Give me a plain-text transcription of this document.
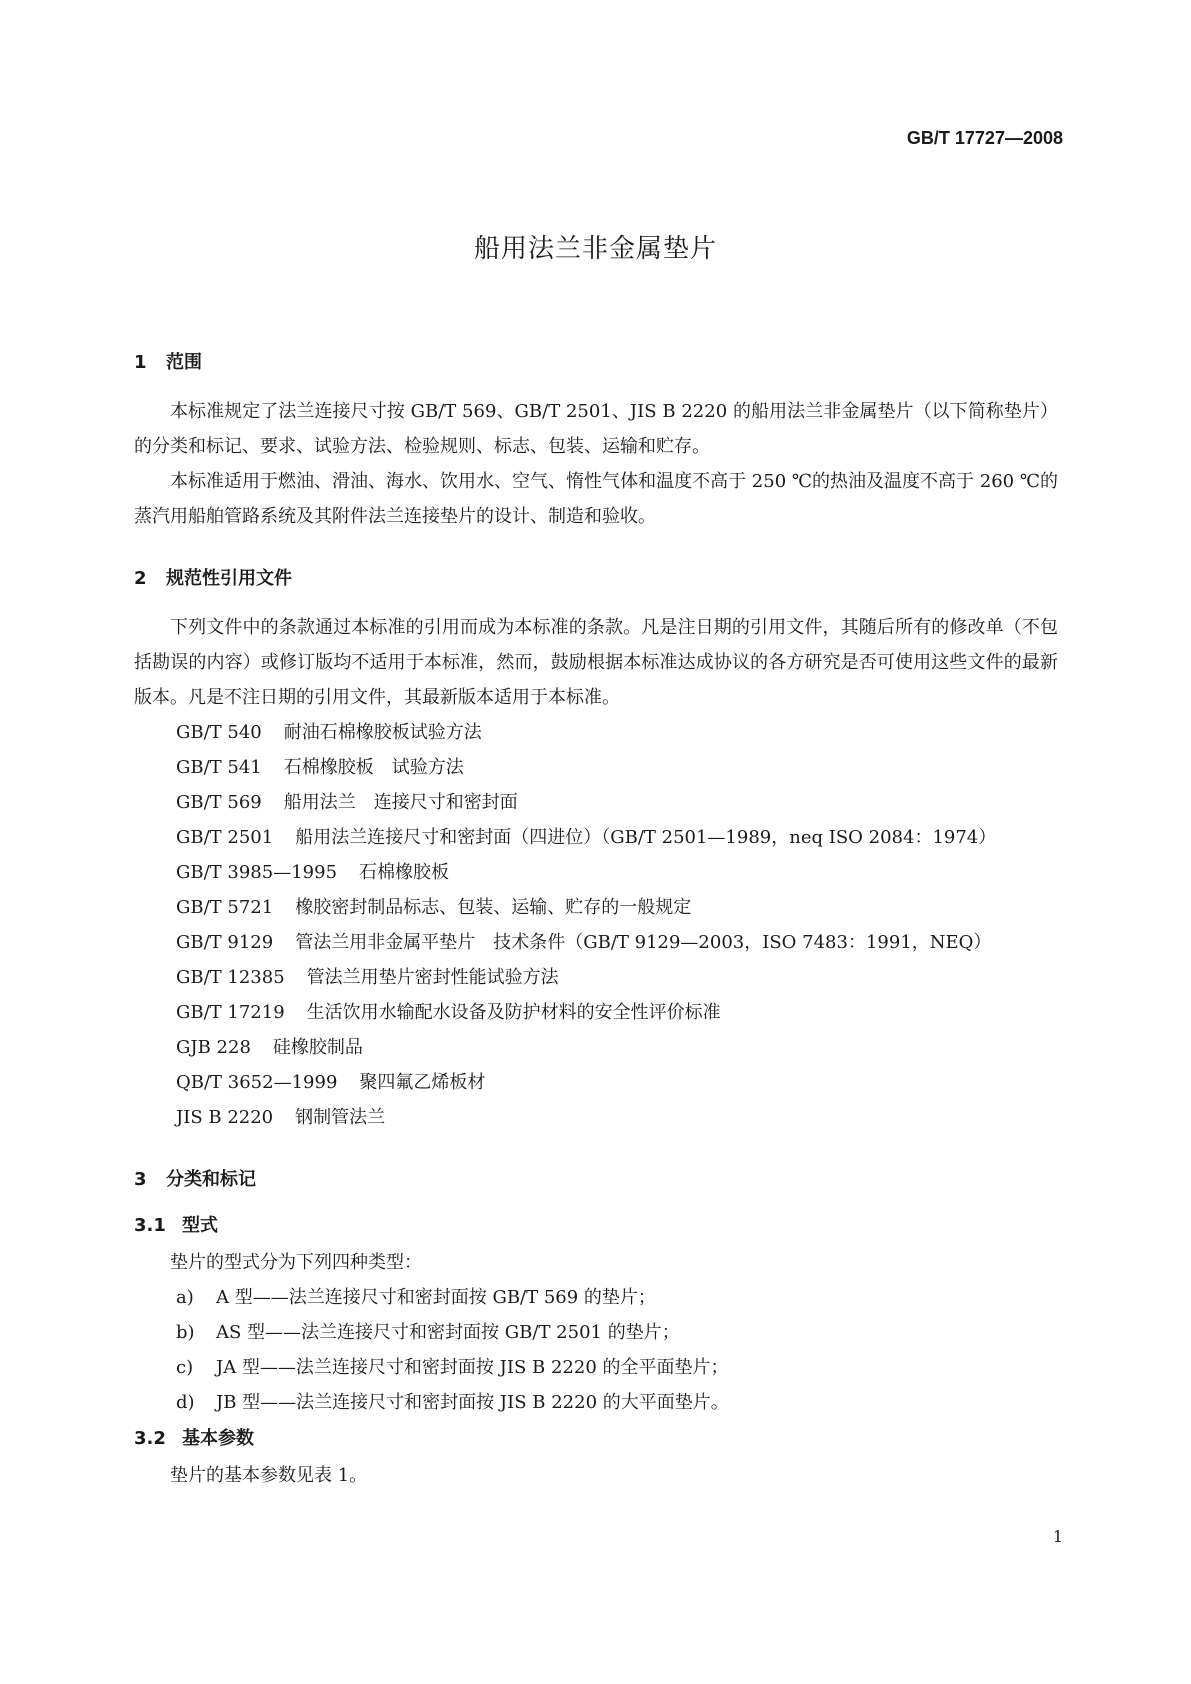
GB/T 17727—2008
船用法兰非金属垫片
1 范围
本标准规定了法兰连接尺寸按 GB/T 569、GB/T 2501、JIS B 2220 的船用法兰非金属垫片（以下简称垫片）的分类和标记、要求、试验方法、检验规则、标志、包装、运输和贮存。
本标准适用于燃油、滑油、海水、饮用水、空气、惰性气体和温度不高于 250 ℃的热油及温度不高于 260 ℃的蒸汽用船舶管路系统及其附件法兰连接垫片的设计、制造和验收。
2 规范性引用文件
下列文件中的条款通过本标准的引用而成为本标准的条款。凡是注日期的引用文件，其随后所有的修改单（不包括勘误的内容）或修订版均不适用于本标准，然而，鼓励根据本标准达成协议的各方研究是否可使用这些文件的最新版本。凡是不注日期的引用文件，其最新版本适用于本标准。
GB/T 540 耐油石棉橡胶板试验方法
GB/T 541 石棉橡胶板　试验方法
GB/T 569 船用法兰　连接尺寸和密封面
GB/T 2501 船用法兰连接尺寸和密封面（四进位）（GB/T 2501—1989，neq ISO 2084：1974）
GB/T 3985—1995 石棉橡胶板
GB/T 5721 橡胶密封制品标志、包装、运输、贮存的一般规定
GB/T 9129 管法兰用非金属平垫片　技术条件（GB/T 9129—2003，ISO 7483：1991，NEQ）
GB/T 12385 管法兰用垫片密封性能试验方法
GB/T 17219 生活饮用水输配水设备及防护材料的安全性评价标准
GJB 228 硅橡胶制品
QB/T 3652—1999 聚四氟乙烯板材
JIS B 2220 钢制管法兰
3 分类和标记
3.1 型式
垫片的型式分为下列四种类型：
a) A 型——法兰连接尺寸和密封面按 GB/T 569 的垫片；
b) AS 型——法兰连接尺寸和密封面按 GB/T 2501 的垫片；
c) JA 型——法兰连接尺寸和密封面按 JIS B 2220 的全平面垫片；
d) JB 型——法兰连接尺寸和密封面按 JIS B 2220 的大平面垫片。
3.2 基本参数
垫片的基本参数见表 1。
1
